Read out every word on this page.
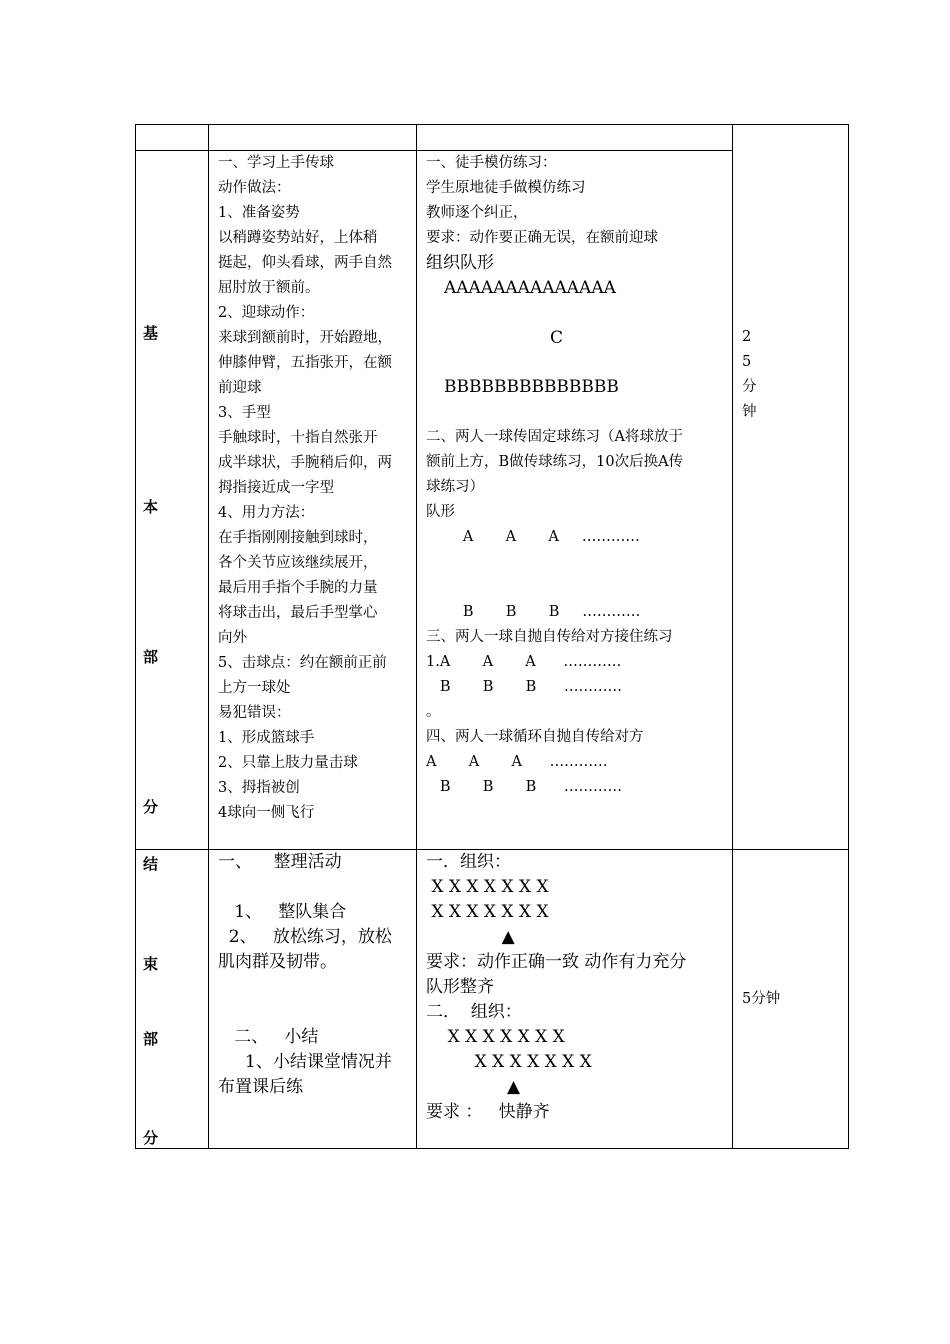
基
本
部
分
一、学习上手传球
动作做法：
1、准备姿势
以稍蹲姿势站好，上体稍
挺起，仰头看球，两手自然
屈肘放于额前。
2、迎球动作：
来球到额前时，开始蹬地，
伸膝伸臂，五指张开，在额
前迎球
3、手型
手触球时，十指自然张开
成半球状，手腕稍后仰，两
拇指接近成一字型
4、用力方法：
在手指刚刚接触到球时，
各个关节应该继续展开，
最后用手指个手腕的力量
将球击出，最后手型掌心
向外
5、击球点：约在额前正前
上方一球处
易犯错误：
1、形成篮球手
2、只靠上肢力量击球
3、拇指被创
4球向一侧飞行
一、徒手模仿练习：
学生原地徒手做模仿练习
教师逐个纠正，
要求：动作要正确无误，在额前迎球
组织队形
AAAAAAAAAAAAAA
C
BBBBBBBBBBBBBB
二、两人一球传固定球练习（A将球放于
额前上方，B做传球练习，10次后换A传
球练习）
队形
A       A       A     …………

B       B       B     …………
三、两人一球自抛自传给对方接住练习
1.A       A       A      …………
B       B       B      …………
。
四、两人一球循环自抛自传给对方
A       A       A      …………
B       B       B      …………
2
5
分
钟
结
束
部
分
一、    整理活动

1、   整队集合
2、   放松练习，放松
肌肉群及韧带。

二、   小结
1、小结课堂情况并
布置课后练
一．组织：
X X X X X X X
X X X X X X X
▲
要求：动作正确一致 动作有力充分
队形整齐
二．  组织：
X X X X X X X
X X X X X X X
▲
要求 ：   快静齐
5分钟
